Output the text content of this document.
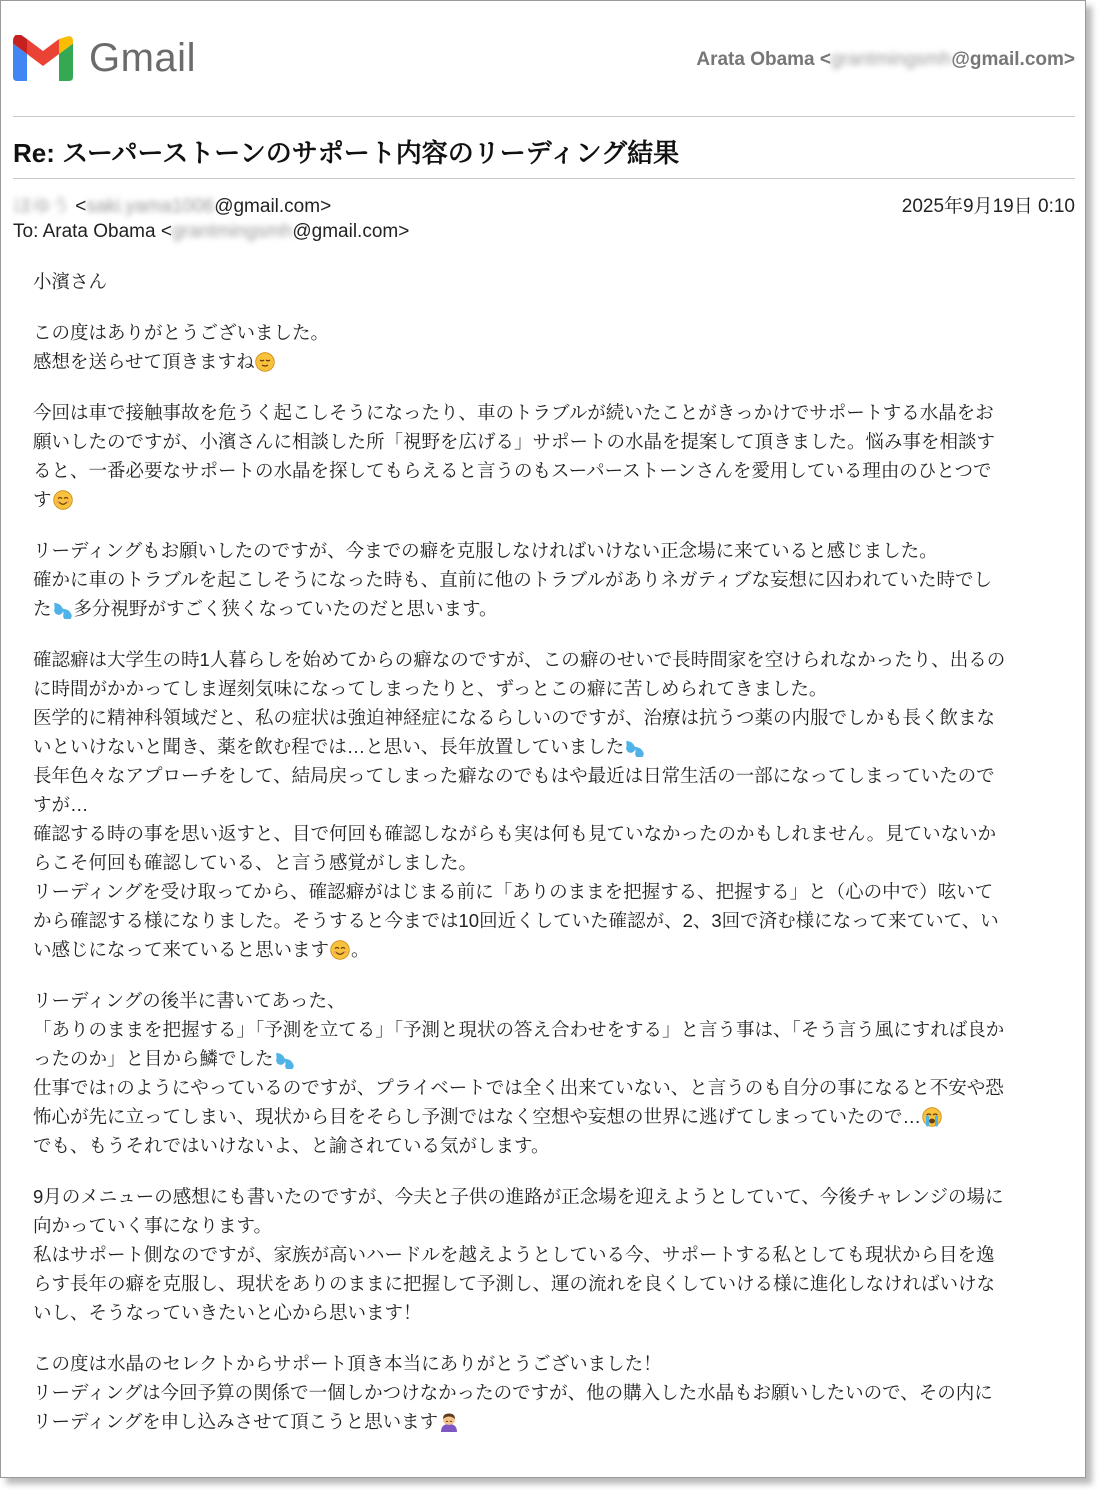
Gmail	Arata Obama <grantmingsmh@gmail.com>
Re: スーパーストーンのサポート内容のリーディング結果
ほゆう <saki.yama1006@gmail.com>	2025年9月19日 0:10
To: Arata Obama <grantmingsmh@gmail.com>

小濱さん

この度はありがとうございました。
感想を送らせて頂きますね

今回は車で接触事故を危うく起こしそうになったり、車のトラブルが続いたことがきっかけでサポートする水晶をお
願いしたのですが、小濱さんに相談した所「視野を広げる」サポートの水晶を提案して頂きました。悩み事を相談す
ると、一番必要なサポートの水晶を探してもらえると言うのもスーパーストーンさんを愛用している理由のひとつで
す

リーディングもお願いしたのですが、今までの癖を克服しなければいけない正念場に来ていると感じました。
確かに車のトラブルを起こしそうになった時も、直前に他のトラブルがありネガティブな妄想に囚われていた時でし
た 多分視野がすごく狭くなっていたのだと思います。

確認癖は大学生の時1人暮らしを始めてからの癖なのですが、この癖のせいで長時間家を空けられなかったり、出るの
に時間がかかってしま遅刻気味になってしまったりと、ずっとこの癖に苦しめられてきました。
医学的に精神科領域だと、私の症状は強迫神経症になるらしいのですが、治療は抗うつ薬の内服でしかも長く飲まな
いといけないと聞き、薬を飲む程では…と思い、長年放置していました
長年色々なアプローチをして、結局戻ってしまった癖なのでもはや最近は日常生活の一部になってしまっていたので
すが…
確認する時の事を思い返すと、目で何回も確認しながらも実は何も見ていなかったのかもしれません。見ていないか
らこそ何回も確認している、と言う感覚がしました。
リーディングを受け取ってから、確認癖がはじまる前に「ありのままを把握する、把握する」と（心の中で）呟いて
から確認する様になりました。そうすると今までは10回近くしていた確認が、2、3回で済む様になって来ていて、い
い感じになって来ていると思います 。

リーディングの後半に書いてあった、
「ありのままを把握する」「予測を立てる」「予測と現状の答え合わせをする」と言う事は、「そう言う風にすれば良か
ったのか」と目から鱗でした
仕事では↑のようにやっているのですが、プライベートでは全く出来ていない、と言うのも自分の事になると不安や恐
怖心が先に立ってしまい、現状から目をそらし予測ではなく空想や妄想の世界に逃げてしまっていたので…
でも、もうそれではいけないよ、と諭されている気がします。

9月のメニューの感想にも書いたのですが、今夫と子供の進路が正念場を迎えようとしていて、今後チャレンジの場に
向かっていく事になります。
私はサポート側なのですが、家族が高いハードルを越えようとしている今、サポートする私としても現状から目を逸
らす長年の癖を克服し、現状をありのままに把握して予測し、運の流れを良くしていける様に進化しなければいけな
いし、そうなっていきたいと心から思います！

この度は水晶のセレクトからサポート頂き本当にありがとうございました！
リーディングは今回予算の関係で一個しかつけなかったのですが、他の購入した水晶もお願いしたいので、その内に
リーディングを申し込みさせて頂こうと思います
